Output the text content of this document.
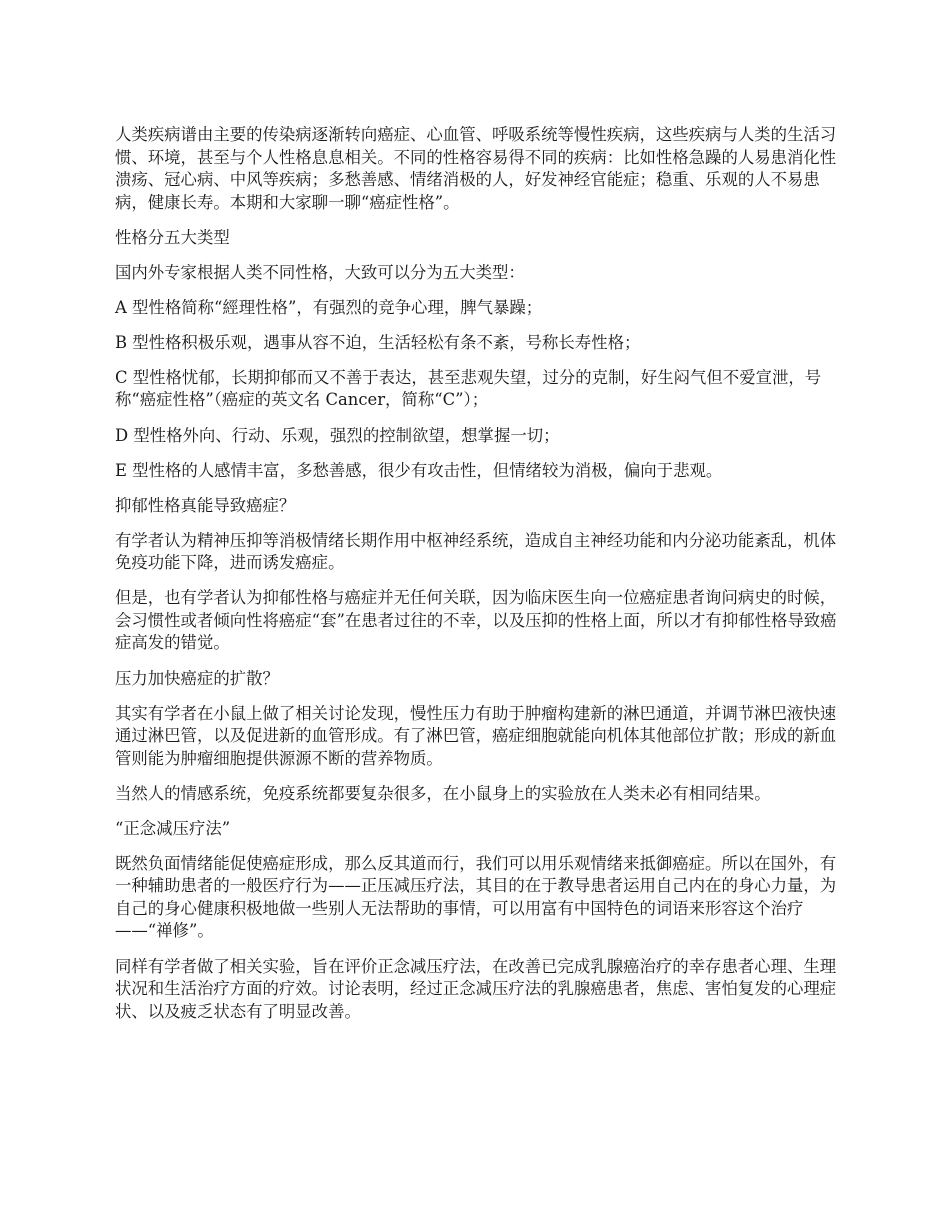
人类疾病谱由主要的传染病逐渐转向癌症、心血管、呼吸系统等慢性疾病，这些疾病与人类的生活习惯、环境，甚至与个人性格息息相关。不同的性格容易得不同的疾病：比如性格急躁的人易患消化性溃疡、冠心病、中风等疾病；多愁善感、情绪消极的人，好发神经官能症；稳重、乐观的人不易患病，健康长寿。本期和大家聊一聊“癌症性格”。

性格分五大类型

国内外专家根据人类不同性格，大致可以分为五大类型：

A 型性格简称“經理性格”，有强烈的竞争心理，脾气暴躁；

B 型性格积极乐观，遇事从容不迫，生活轻松有条不紊，号称长寿性格；

C 型性格忧郁，长期抑郁而又不善于表达，甚至悲观失望，过分的克制，好生闷气但不爱宣泄，号称“癌症性格”（癌症的英文名 Cancer，简称“C”）；

D 型性格外向、行动、乐观，强烈的控制欲望，想掌握一切；

E 型性格的人感情丰富，多愁善感，很少有攻击性，但情绪较为消极，偏向于悲观。

抑郁性格真能导致癌症？

有学者认为精神压抑等消极情绪长期作用中枢神经系统，造成自主神经功能和内分泌功能紊乱，机体免疫功能下降，进而诱发癌症。

但是，也有学者认为抑郁性格与癌症并无任何关联，因为临床医生向一位癌症患者询问病史的时候，会习惯性或者倾向性将癌症“套”在患者过往的不幸，以及压抑的性格上面，所以才有抑郁性格导致癌症高发的错觉。

压力加快癌症的扩散？

其实有学者在小鼠上做了相关讨论发现，慢性压力有助于肿瘤构建新的淋巴通道，并调节淋巴液快速通过淋巴管，以及促进新的血管形成。有了淋巴管，癌症细胞就能向机体其他部位扩散；形成的新血管则能为肿瘤细胞提供源源不断的营养物质。

当然人的情感系统，免疫系统都要复杂很多，在小鼠身上的实验放在人类未必有相同结果。

“正念减压疗法”

既然负面情绪能促使癌症形成，那么反其道而行，我们可以用乐观情绪来抵御癌症。所以在国外，有一种辅助患者的一般医疗行为——正压减压疗法，其目的在于教导患者运用自己内在的身心力量，为自己的身心健康积极地做一些别人无法帮助的事情，可以用富有中国特色的词语来形容这个治疗——“禅修”。

同样有学者做了相关实验，旨在评价正念减压疗法，在改善已完成乳腺癌治疗的幸存患者心理、生理状况和生活治疗方面的疗效。讨论表明，经过正念减压疗法的乳腺癌患者，焦虑、害怕复发的心理症状、以及疲乏状态有了明显改善。
